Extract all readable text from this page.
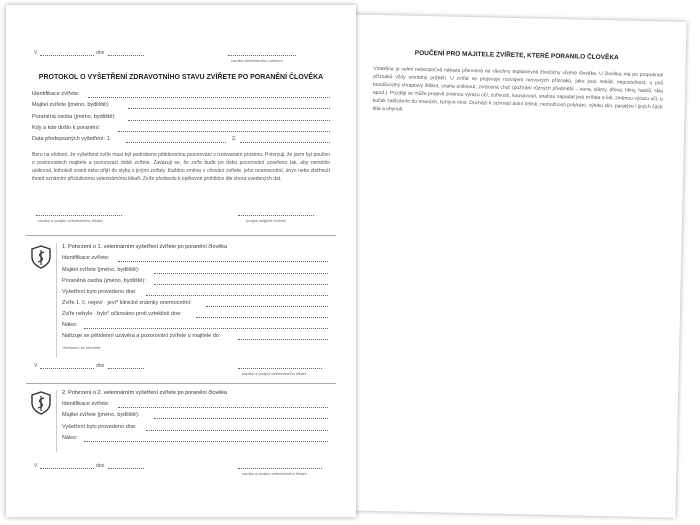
POUČENÍ PRO MAJITELE ZVÍŘETE, KTERÉ PORANILO ČLOVĚKA
Vzteklina je velmi nebezpečná nákaza přenosná na všechny teplokrevné živočichy včetně člověka. U člověka má po propuknutí příznaků vždy smrtelný průběh. U zvířat se projevuje rozvojem nervových příznaků, jako jsou neklid, nepostulnost, u psů bezdůvodný chraplavý štěkot, snaha uniknout, zvrácená chuť (požírání různých předmětů – sena, slámy, dřeva, hlíny, hadrů, skla apod.). Později se může projevit změnou výrazu očí, zuřivostí, kousavostí, snahou napadat jiná zvířata a lidi, změnou výrazu očí, u koček zalézáním do tmavých, tichých míst. Dochází k ochrnutí dolní čelisti, nemožnosti polykání, výtoku slin, paralýze i jiných částí těla a uhynutí.
V	dne
razítko veterinárního zařízení
PROTOKOL O VYŠETŘENÍ ZDRAVOTNÍHO STAVU ZVÍŘETE PO PORANĚNÍ ČLOVĚKA
Identifikace zvířete:
Majitel zvířete (jméno, bydliště):
Poraněná osoba (jméno, bydliště):
Kdy a kde došlo k poranění:
Data předepsaných vyšetření: 1.	2.
Beru na vědomí, že vyšetřené zvíře musí být podrobeno pětidennímu pozorování v izolovaném prostoru. Potvrzuji, že jsem byl poučen o povinnostech majitele a pozorovací době zvířete. Zavazuji se, že zvíře bude po dobu pozorování uzavřeno tak, aby nemohlo uniknout, kohokoli zranit nebo přijít do styku s jinými zvířaty. Každou změnu v chování zvířete, jeho onemocnění, únyn nebo zběhnutí ihned oznámím příslušnému veterinárnímu lékaři. Zvíře předvedu k opětovné prohlídce dle shora uvedených dat.
razítko a podpis veterinárního lékaře	podpis majitele zvířete
1. Potvrzení o 1. veterinárním vyšetření zvířete po poranění člověka
Identifikace zvířete:
Majitel zvířete (jméno, bydliště):
Poraněná osoba (jméno, bydliště):
Vyšetření bylo provedeno dne:
Zvíře 1. č. nejeví · jeví* klinické známky onemocnění:
Zvíře nebylo · bylo* očkováno proti vzteklině dne:
Nález:
Nařizuje se pětidenní uzávěra a pozorování zvířete u majitele do:
*Nehodící se škrtněte.
V	dne
razítko a podpis veterinárního lékaře
2. Potvrzení o 2. veterinárním vyšetření zvířete po poranění člověka
Identifikace zvířete:
Majitel zvířete (jméno, bydliště):
Vyšetření bylo provedeno dne:
Nález:
V	dne
razítko a podpis veterinárního lékaře
